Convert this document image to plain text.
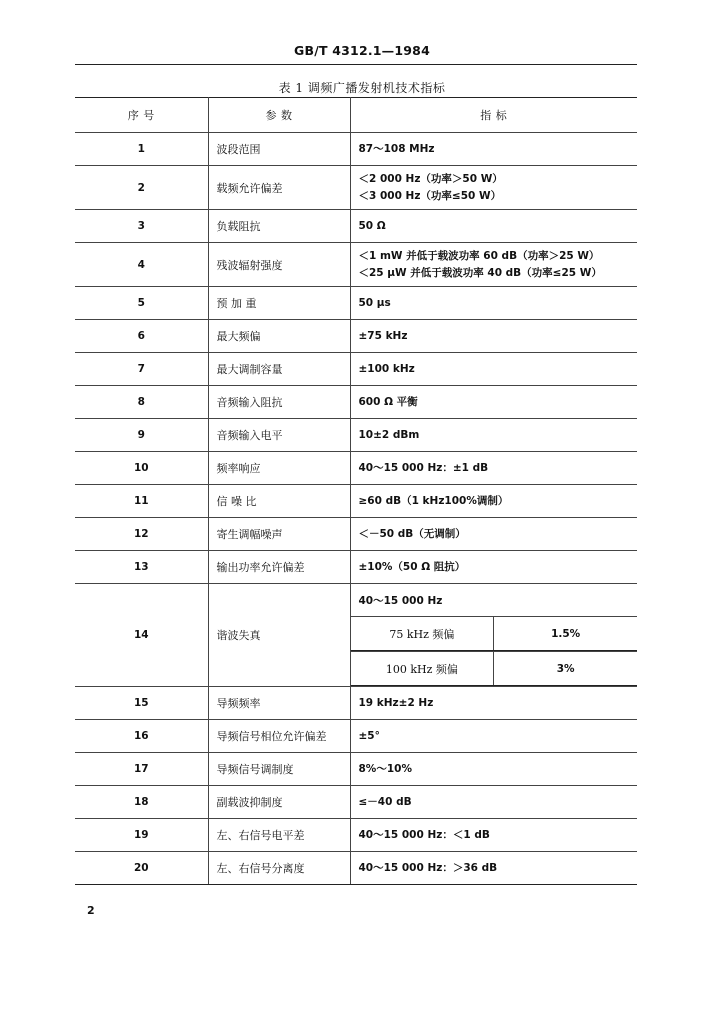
GB/T 4312.1—1984
表 1 调频广播发射机技术指标
序 号	参 数	指 标
1	波段范围	87～108 MHz

2	载频允许偏差	
＜2 000 Hz（功率＞50 W）
＜3 000 Hz（功率≤50 W）

3	负载阻抗	50 Ω

4	残波辐射强度	
＜1 mW 并低于载波功率 60 dB（功率＞25 W）
＜25 μW 并低于载波功率 40 dB（功率≤25 W）

5	预 加 重	50 μs

6	最大频偏	±75 kHz

7	最大调制容量	±100 kHz

8	音频输入阻抗	600 Ω 平衡

9	音频输入电平	10±2 dBm

10	频率响应	40～15 000 Hz：±1 dB

11	信 噪 比	≥60 dB（1 kHz100%调制）

12	寄生调幅噪声	＜－50 dB（无调制）

13	输出功率允许偏差	±10%（50 Ω 阻抗）

14	谐波失真	40～15 000 Hz

75 kHz 频偏	1.5%

100 kHz 频偏	3%

15	导频频率	19 kHz±2 Hz

16	导频信号相位允许偏差	±5°

17	导频信号调制度	8%～10%

18	副载波抑制度	≤－40 dB

19	左、右信号电平差	40～15 000 Hz：＜1 dB

20	左、右信号分离度	40～15 000 Hz：＞36 dB
2
